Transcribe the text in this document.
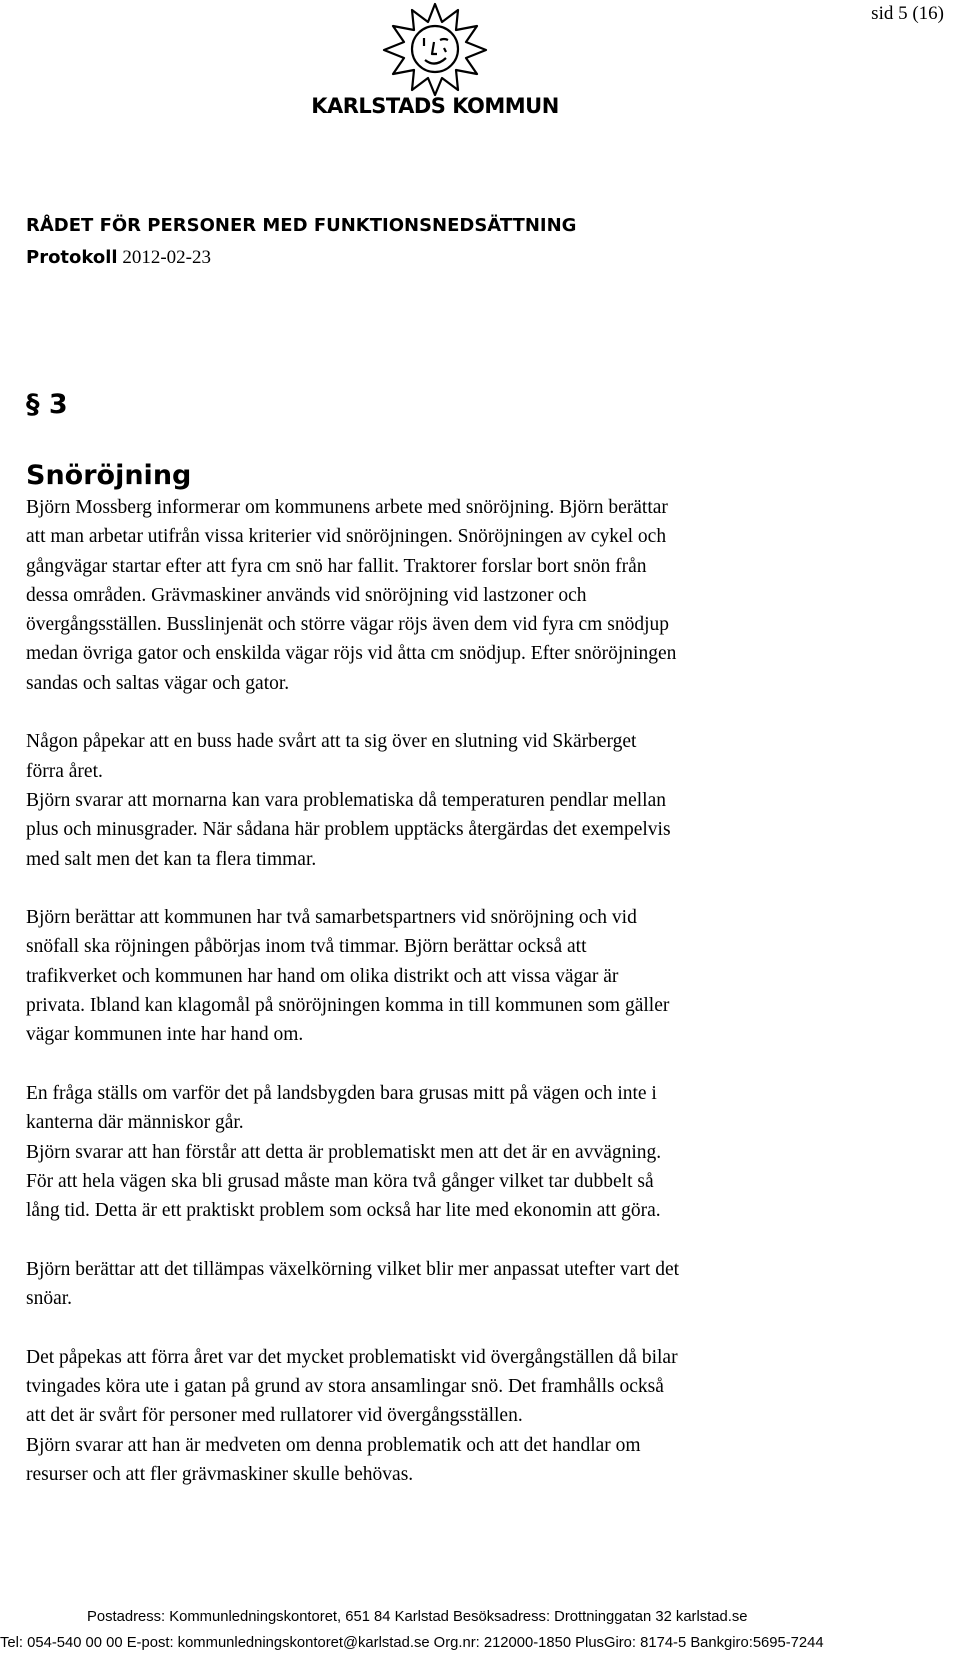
sid 5 (16)
KARLSTADS KOMMUN
RÅDET FÖR PERSONER MED FUNKTIONSNEDSÄTTNING
Protokoll 2012-02-23
§ 3
Snöröjning

Björn Mossberg informerar om kommunens arbete med snöröjning. Björn berättar

att man arbetar utifrån vissa kriterier vid snöröjningen. Snöröjningen av cykel och

gångvägar startar efter att fyra cm snö har fallit. Traktorer forslar bort snön från

dessa områden. Grävmaskiner används vid snöröjning vid lastzoner och

övergångsställen. Busslinjenät och större vägar röjs även dem vid fyra cm snödjup

medan övriga gator och enskilda vägar röjs vid åtta cm snödjup. Efter snöröjningen

sandas och saltas vägar och gator.

Någon påpekar att en buss hade svårt att ta sig över en slutning vid Skärberget

förra året.

Björn svarar att mornarna kan vara problematiska då temperaturen pendlar mellan

plus och minusgrader. När sådana här problem upptäcks återgärdas det exempelvis

med salt men det kan ta flera timmar.

Björn berättar att kommunen har två samarbetspartners vid snöröjning och vid

snöfall ska röjningen påbörjas inom två timmar. Björn berättar också att

trafikverket och kommunen har hand om olika distrikt och att vissa vägar är

privata. Ibland kan klagomål på snöröjningen komma in till kommunen som gäller

vägar kommunen inte har hand om.

En fråga ställs om varför det på landsbygden bara grusas mitt på vägen och inte i

kanterna där människor går.

Björn svarar att han förstår att detta är problematiskt men att det är en avvägning.

För att hela vägen ska bli grusad måste man köra två gånger vilket tar dubbelt så

lång tid. Detta är ett praktiskt problem som också har lite med ekonomin att göra.

Björn berättar att det tillämpas växelkörning vilket blir mer anpassat utefter vart det

snöar.

Det påpekas att förra året var det mycket problematiskt vid övergångställen då bilar

tvingades köra ute i gatan på grund av stora ansamlingar snö. Det framhålls också

att det är svårt för personer med rullatorer vid övergångsställen.

Björn svarar att han är medveten om denna problematik och att det handlar om

resurser och att fler grävmaskiner skulle behövas.

Postadress: Kommunledningskontoret, 651 84 Karlstad Besöksadress: Drottninggatan 32 karlstad.se
Tel: 054-540 00 00 E-post: kommunledningskontoret@karlstad.se Org.nr: 212000-1850 PlusGiro: 8174-5 Bankgiro:5695-7244
